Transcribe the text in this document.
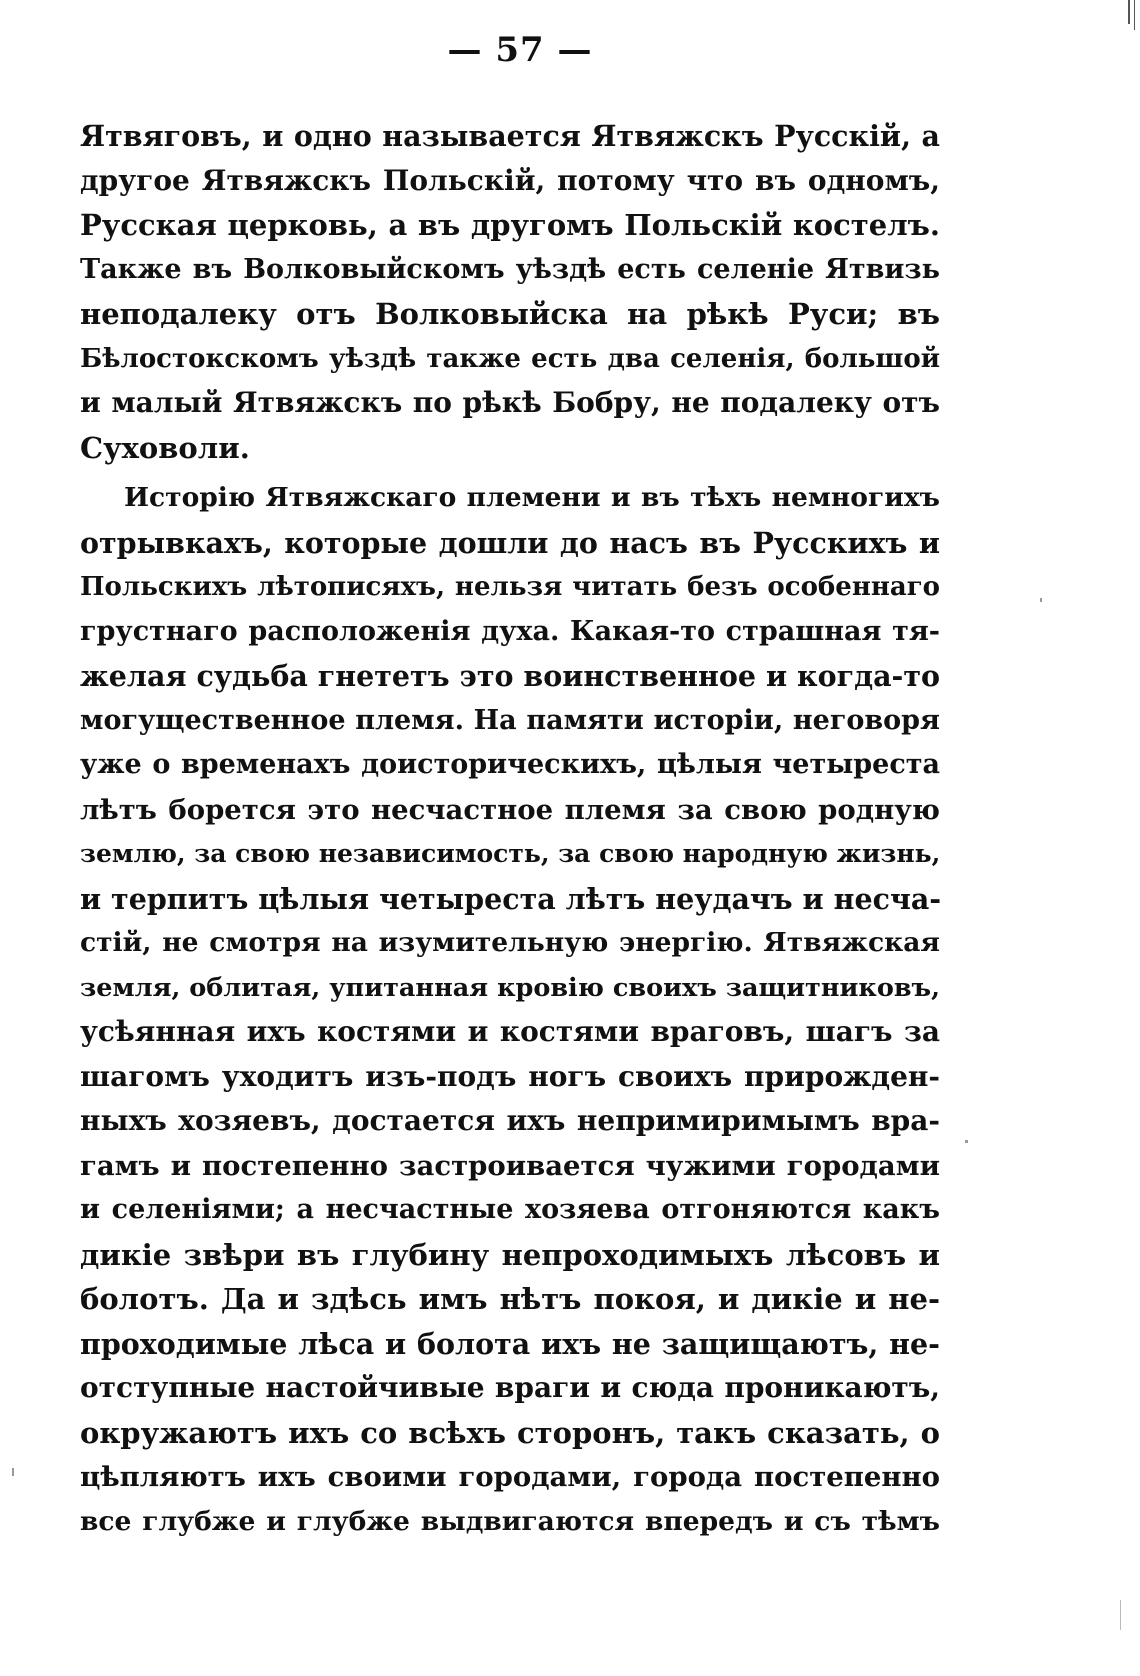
— 57 —
Ятвяговъ, и одно называется Ятвяжскъ Русскій, а
другое Ятвяжскъ Польскій, потому что въ одномъ,
Русская церковь, а въ другомъ Польскій костелъ.
Также въ Волковыйскомъ уѣздѣ есть селеніе Ятвизь
неподалеку отъ Волковыйска на рѣкѣ Руси; въ
Бѣлостокскомъ уѣздѣ также есть два селенія, большой
и малый Ятвяжскъ по рѣкѣ Бобру, не подалеку отъ
Суховоли.
Исторію Ятвяжскаго племени и въ тѣхъ немногихъ
отрывкахъ, которые дошли до насъ въ Русскихъ и
Польскихъ лѣтописяхъ, нельзя читать безъ особеннаго
грустнаго расположенія духа. Какая-то страшная тя-
желая судьба гнететъ это воинственное и когда-то
могущественное племя. На памяти исторіи, неговоря
уже о временахъ доисторическихъ, цѣлыя четыреста
лѣтъ борется это несчастное племя за свою родную
землю, за свою независимость, за свою народную жизнь,
и терпитъ цѣлыя четыреста лѣтъ неудачъ и несча-
стій, не смотря на изумительную энергію. Ятвяжская
земля, облитая, упитанная кровію своихъ защитниковъ,
усѣянная ихъ костями и костями враговъ, шагъ за
шагомъ уходитъ изъ-подъ ногъ своихъ прирожден-
ныхъ хозяевъ, достается ихъ непримиримымъ вра-
гамъ и постепенно застроивается чужими городами
и селеніями; а несчастные хозяева отгоняются какъ
дикіе звѣри въ глубину непроходимыхъ лѣсовъ и
болотъ. Да и здѣсь имъ нѣтъ покоя, и дикіе и не-
проходимые лѣса и болота ихъ не защищаютъ, не-
отступные настойчивые враги и сюда проникаютъ,
окружаютъ ихъ со всѣхъ сторонъ, такъ сказать, о
цѣпляютъ ихъ своими городами, города постепенно
все глубже и глубже выдвигаются впередъ и съ тѣмъ
